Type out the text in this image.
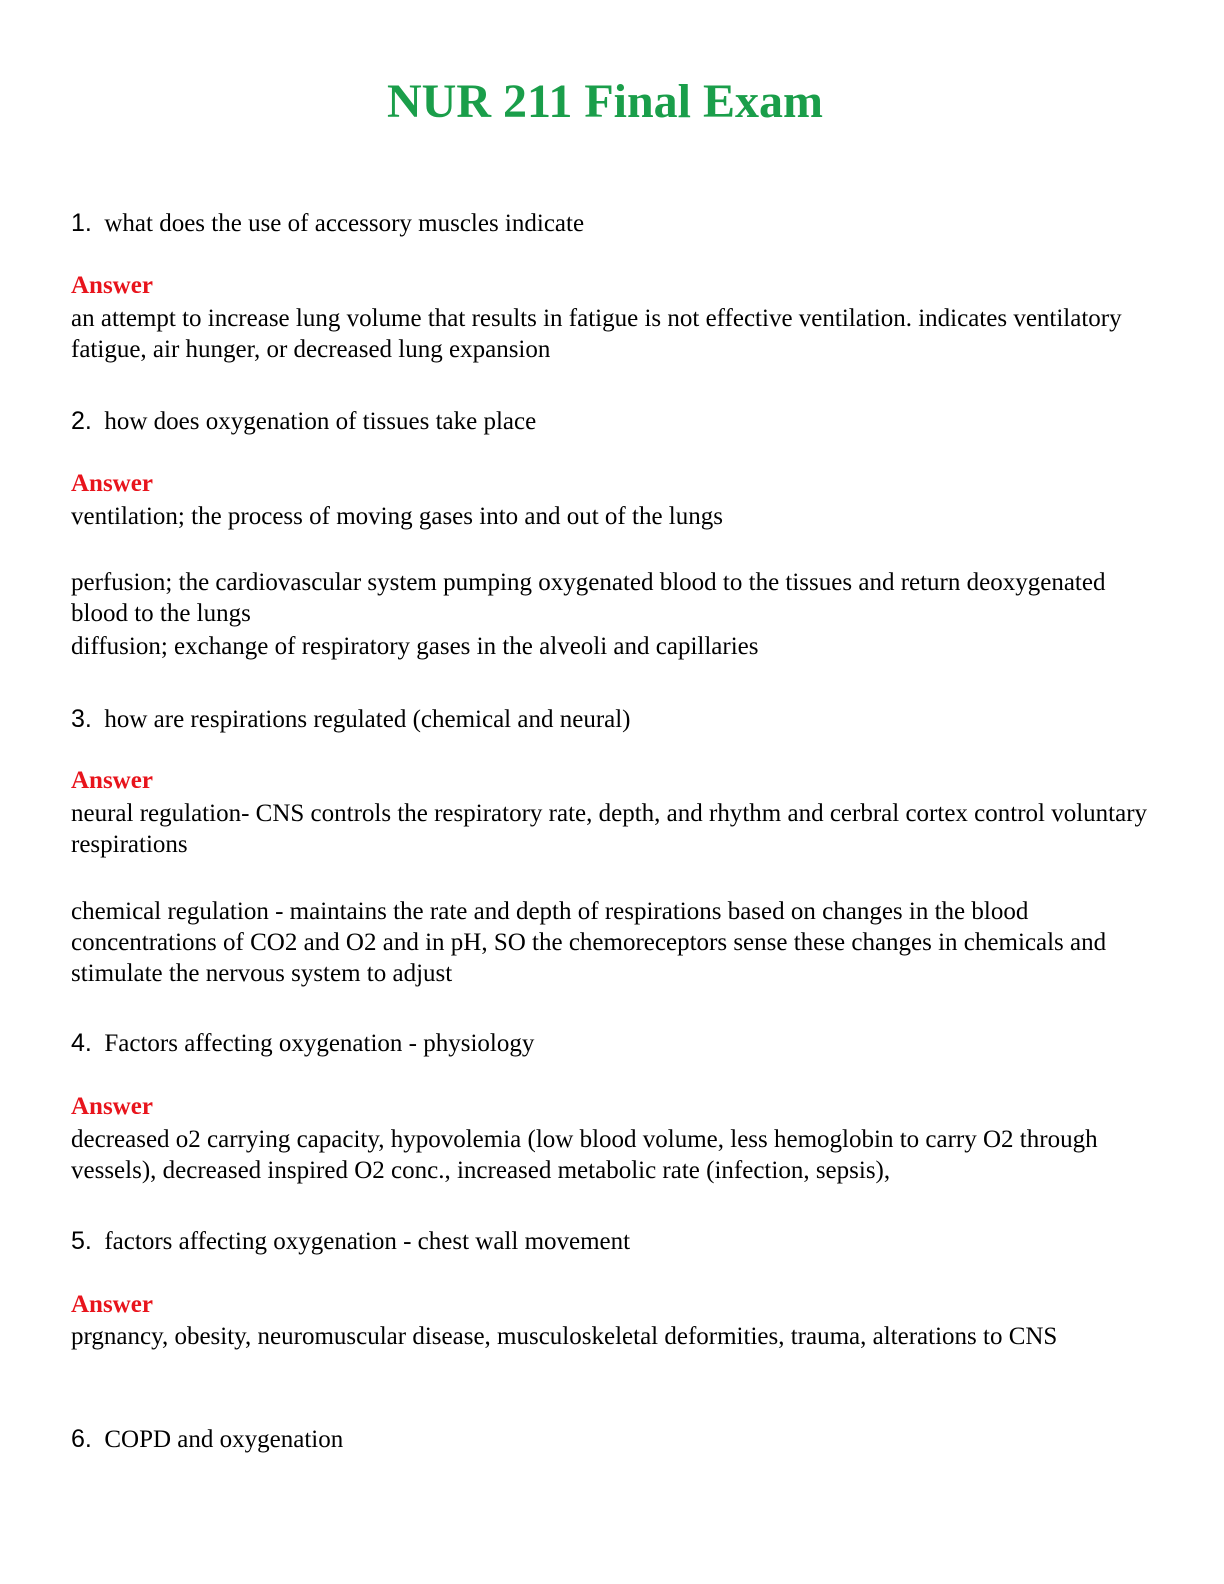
NUR 211 Final Exam
1. what does the use of accessory muscles indicate
Answer
an attempt to increase lung volume that results in fatigue is not effective ventilation. indicates ventilatory fatigue, air hunger, or decreased lung expansion
2. how does oxygenation of tissues take place
Answer
ventilation; the process of moving gases into and out of the lungs
perfusion; the cardiovascular system pumping oxygenated blood to the tissues and return deoxygenated blood to the lungs
diffusion; exchange of respiratory gases in the alveoli and capillaries
3. how are respirations regulated (chemical and neural)
Answer
neural regulation- CNS controls the respiratory rate, depth, and rhythm and cerbral cortex control voluntary respirations
chemical regulation - maintains the rate and depth of respirations based on changes in the blood concentrations of CO2 and O2 and in pH, SO the chemoreceptors sense these changes in chemicals and stimulate the nervous system to adjust
4. Factors affecting oxygenation - physiology
Answer
decreased o2 carrying capacity, hypovolemia (low blood volume, less hemoglobin to carry O2 through vessels), decreased inspired O2 conc., increased metabolic rate (infection, sepsis),
5. factors affecting oxygenation - chest wall movement
Answer
prgnancy, obesity, neuromuscular disease, musculoskeletal deformities, trauma, alterations to CNS
6. COPD and oxygenation
